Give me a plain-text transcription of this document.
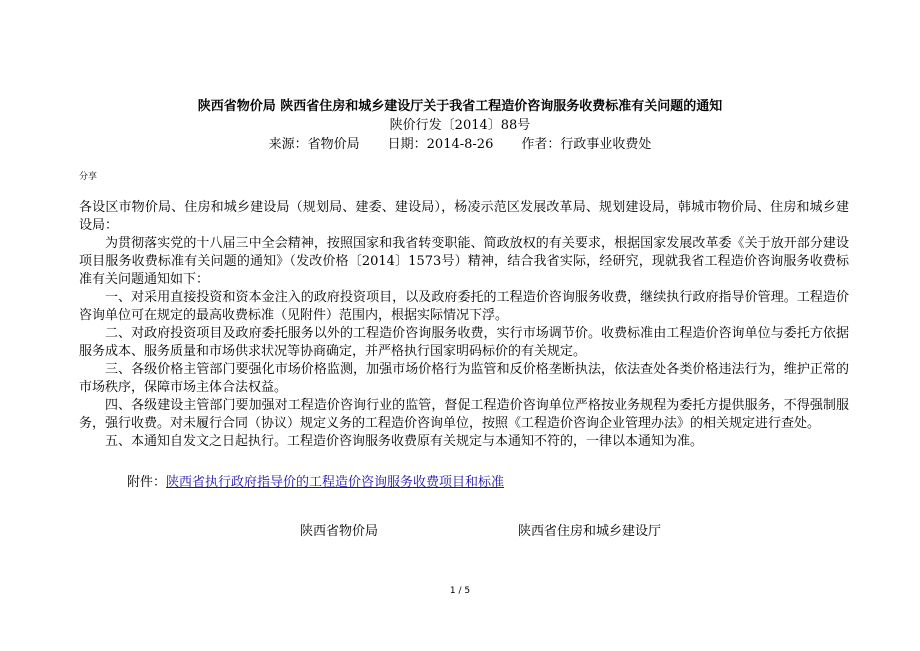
陕西省物价局 陕西省住房和城乡建设厅关于我省工程造价咨询服务收费标准有关问题的通知
陕价行发〔2014〕88号
来源：省物价局 日期：2014-8-26 作者：行政事业收费处
分享

各设区市物价局、住房和城乡建设局（规划局、建委、建设局），杨凌示范区发展改革局、规划建设局，韩城市物价局、住房和城乡建设局：

为贯彻落实党的十八届三中全会精神，按照国家和我省转变职能、简政放权的有关要求，根据国家发展改革委《关于放开部分建设项目服务收费标准有关问题的通知》（发改价格〔2014〕1573号）精神，结合我省实际，经研究，现就我省工程造价咨询服务收费标准有关问题通知如下：

一、对采用直接投资和资本金注入的政府投资项目，以及政府委托的工程造价咨询服务收费，继续执行政府指导价管理。工程造价咨询单位可在规定的最高收费标准（见附件）范围内，根据实际情况下浮。

二、对政府投资项目及政府委托服务以外的工程造价咨询服务收费，实行市场调节价。收费标准由工程造价咨询单位与委托方依据服务成本、服务质量和市场供求状况等协商确定，并严格执行国家明码标价的有关规定。

三、各级价格主管部门要强化市场价格监测，加强市场价格行为监管和反价格垄断执法，依法查处各类价格违法行为，维护正常的市场秩序，保障市场主体合法权益。

四、各级建设主管部门要加强对工程造价咨询行业的监管，督促工程造价咨询单位严格按业务规程为委托方提供服务，不得强制服务，强行收费。对未履行合同（协议）规定义务的工程造价咨询单位，按照《工程造价咨询企业管理办法》的相关规定进行查处。

五、本通知自发文之日起执行。工程造价咨询服务收费原有关规定与本通知不符的，一律以本通知为准。

附件：陕西省执行政府指导价的工程造价咨询服务收费项目和标准
陕西省物价局	陕西省住房和城乡建设厅
1 / 5
